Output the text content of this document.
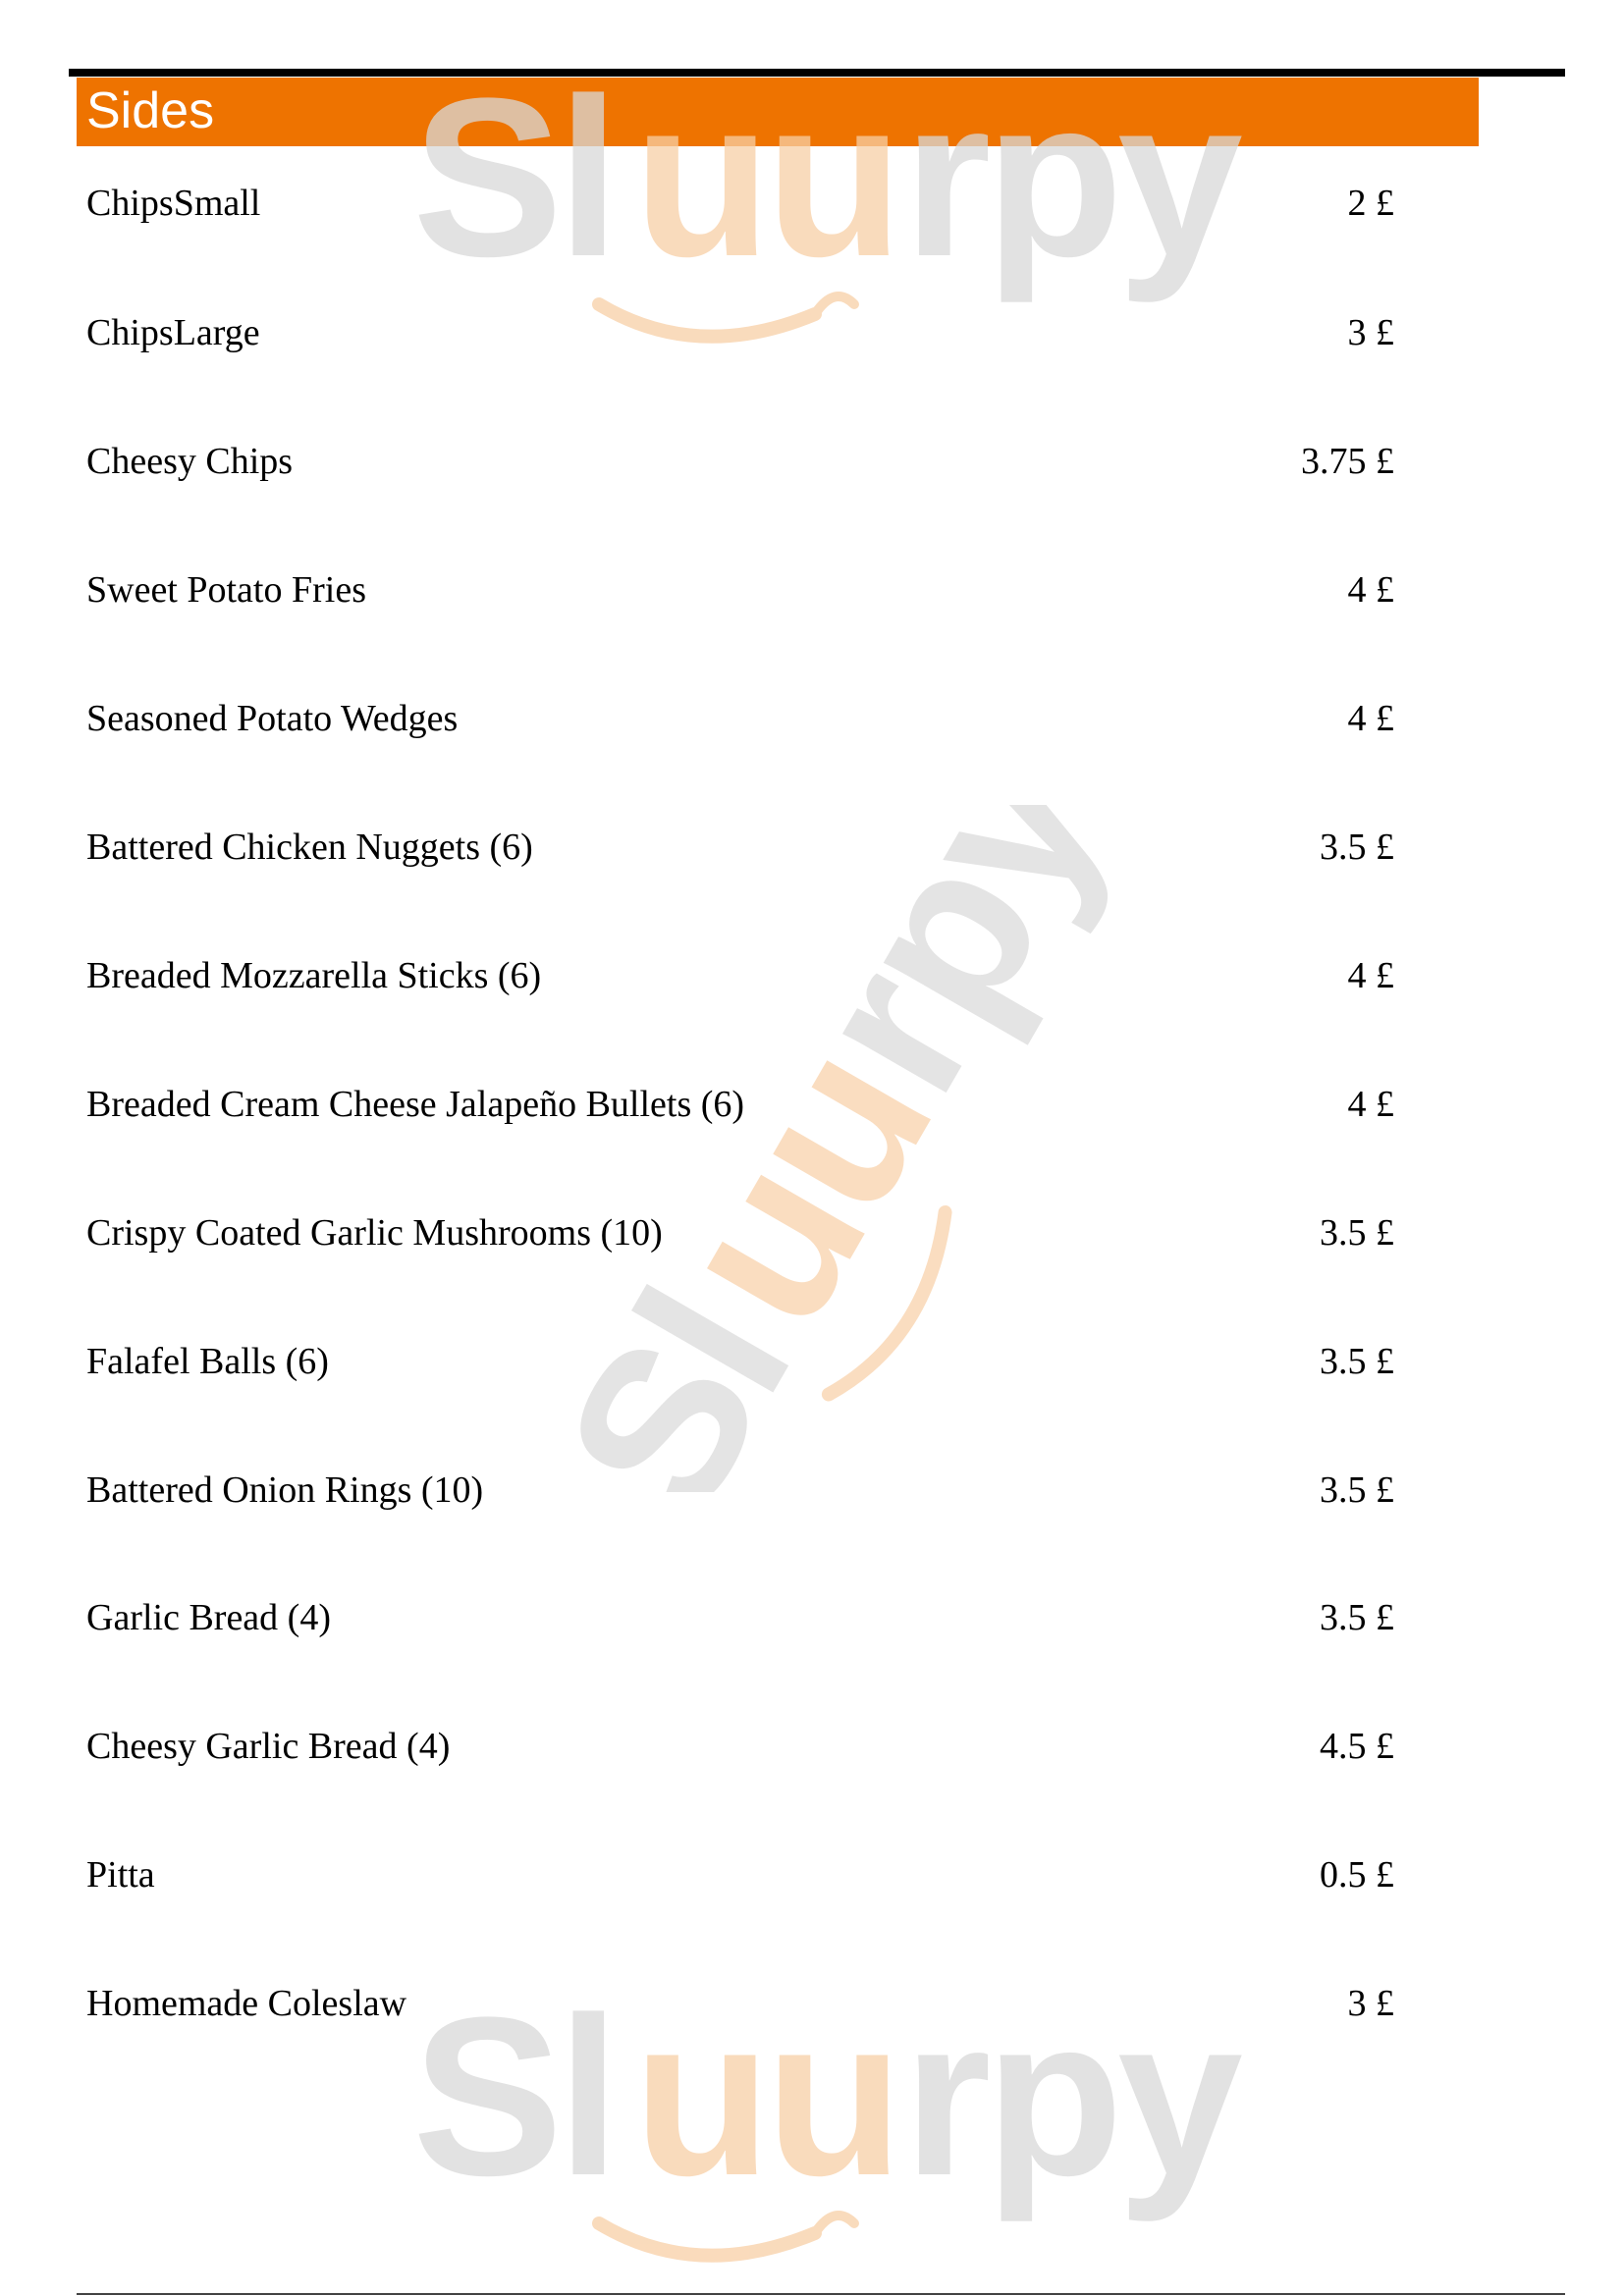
Sl uu rpy
Sl
uu
rpy
Sl uu rpy
Sides
ChipsSmall	2 £
ChipsLarge	3 £
Cheesy Chips	3.75 £
Sweet Potato Fries	4 £
Seasoned Potato Wedges	4 £
Battered Chicken Nuggets (6)	3.5 £
Breaded Mozzarella Sticks (6)	4 £
Breaded Cream Cheese Jalapeño Bullets (6)	4 £
Crispy Coated Garlic Mushrooms (10)	3.5 £
Falafel Balls (6)	3.5 £
Battered Onion Rings (10)	3.5 £
Garlic Bread (4)	3.5 £
Cheesy Garlic Bread (4)	4.5 £
Pitta	0.5 £
Homemade Coleslaw	3 £
